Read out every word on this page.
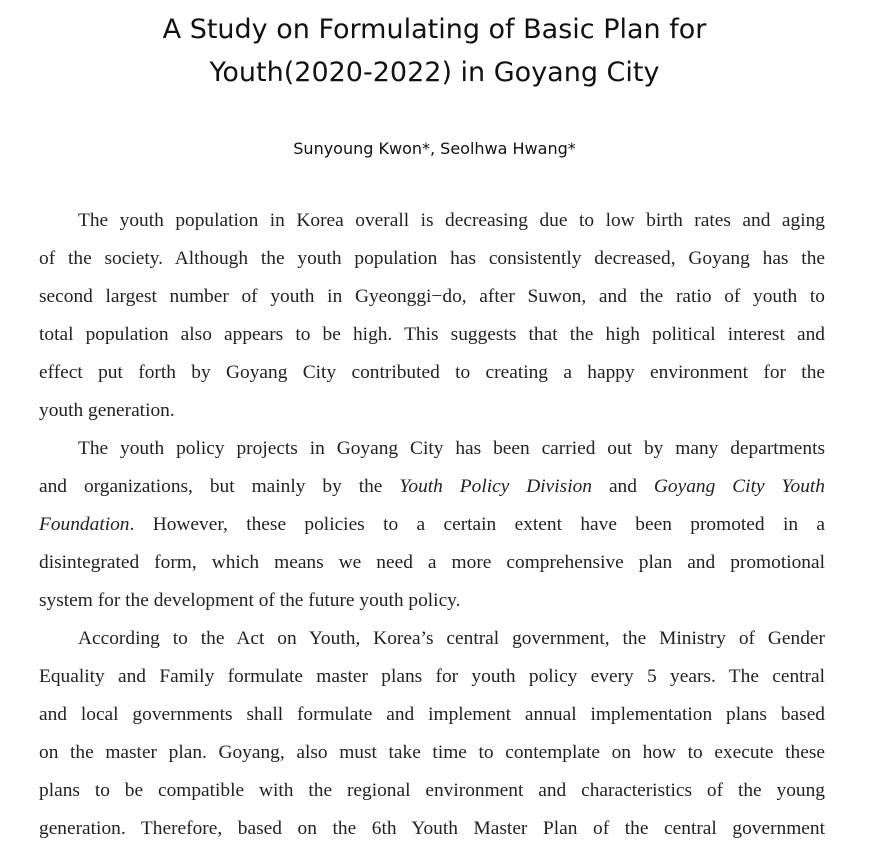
A Study on Formulating of Basic Plan for
Youth(2020-2022) in Goyang City
Sunyoung Kwon*, Seolhwa Hwang*
The youth population in Korea overall is decreasing due to low birth rates and aging
of the society. Although the youth population has consistently decreased, Goyang has the
second largest number of youth in Gyeonggi−do, after Suwon, and the ratio of youth to
total population also appears to be high. This suggests that the high political interest and
effect put forth by Goyang City contributed to creating a happy environment for the
youth generation.
The youth policy projects in Goyang City has been carried out by many departments
and organizations, but mainly by the Youth Policy Division and Goyang City Youth
Foundation. However, these policies to a certain extent have been promoted in a
disintegrated form, which means we need a more comprehensive plan and promotional
system for the development of the future youth policy.
According to the Act on Youth, Korea’s central government, the Ministry of Gender
Equality and Family formulate master plans for youth policy every 5 years. The central
and local governments shall formulate and implement annual implementation plans based
on the master plan. Goyang, also must take time to contemplate on how to execute these
plans to be compatible with the regional environment and characteristics of the young
generation. Therefore, based on the 6th Youth Master Plan of the central government
